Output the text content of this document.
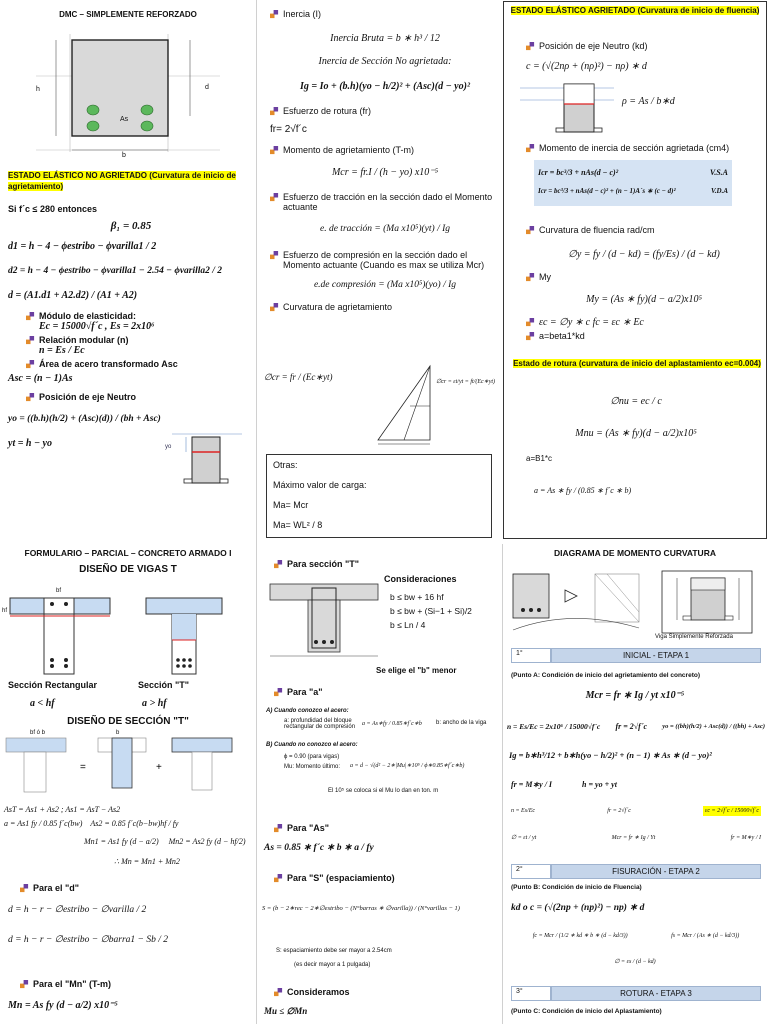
DMC – SIMPLEMENTE REFORZADO
h	d
As
b
ESTADO ELÁSTICO NO AGRIETADO (Curvatura de inicio de agrietamiento)
Si f´c ≤ 280 entonces
β₁ = 0.85
d1 = h − 4 − ϕestribo − ϕvarilla1 / 2
d2 = h − 4 − ϕestribo − ϕvarilla1 − 2.54 − ϕvarilla2 / 2
d = (A1.d1 + A2.d2) / (A1 + A2)
Módulo de elasticidad:
Ec = 15000√f´c , Es = 2x10⁶
Relación modular (n)
n = Es / Ec
Área de acero transformado Asc
Asc = (n − 1)As
Posición de eje Neutro
yo = ((b.h)(h/2) + (Asc)(d)) / (bh + Asc)
yt = h − yo	yo
Inercia (I)
Inercia Bruta = b ∗ h³ / 12
Inercia de Sección No agrietada:
Ig = Io + (b.h)(yo − h/2)² + (Asc)(d − yo)²
Esfuerzo de rotura (fr)
fr= 2√f´c
Momento de agrietamiento (T-m)
Mcr = fr.I / (h − yo) x10⁻⁵
Esfuerzo de tracción en la sección dado el Momento actuante
e. de tracción = (Ma x10⁵)(yt) / Ig
Esfuerzo de compresión en la sección dado el Momento actuante (Cuando es max se utiliza Mcr)
e.de compresión = (Ma x10⁵)(yo) / Ig
Curvatura de agrietamiento
∅cr = fr / (Ec∗yt)	∅cr = εt/yt = ft/(Ec∗yt)
Otras:
Máximo valor de carga:
Ma= Mcr
Ma= WL² / 8
ESTADO ELÁSTICO AGRIETADO (Curvatura de inicio de fluencia)
Posición de eje Neutro (kd)
c = (√(2nρ + (nρ)²) − nρ) ∗ d
ρ = As / b∗d
Momento de inercia de sección agrietada (cm4)
Icr = bc³/3 + nAs(d − c)²	V.S.A
Icr = bc³/3 + nAs(d − c)² + (n − 1)A´s ∗ (c − d)²	V.D.A
Curvatura de fluencia rad/cm
∅y = fy / (d − kd) = (fy/Es) / (d − kd)
My
My = (As ∗ fy)(d − a/2)x10⁵
εc = ∅y ∗ c fc = εc ∗ Ec
a=beta1*kd
Estado de rotura (curvatura de inicio del aplastamiento ec=0.004)
∅nu = ec / c
Mnu = (As ∗ fy)(d − a/2)x10⁵
a=B1*c
a = As ∗ fy / (0.85 ∗ f´c ∗ b)
FORMULARIO – PARCIAL – CONCRETO ARMADO I
DISEÑO DE VIGAS T
bf
hf
Sección Rectangular	Sección "T"
a < hf	a > hf
DISEÑO DE SECCIÓN "T"
=	+
bf ó b	b
AsT = As1 + As2 ; As1 = AsT − As2
a = As1 fy / 0.85 f´c(bw) As2 = 0.85 f´c(b−bw)hf / fy
Mn1 = As1 fy (d − a/2) Mn2 = As2 fy (d − hf/2)
∴ Mn = Mn1 + Mn2
Para el "d"
d = h − r − ∅estribo − ∅varilla / 2
d = h − r − ∅estribo − ∅barra1 − Sb / 2
Para el "Mn" (T-m)
Mn = As fy (d − a/2) x10⁻⁵
Para sección "T"
Consideraciones
b ≤ bw + 16 hf
b ≤ bw + (Si−1 + Si)/2
b ≤ Ln / 4
Se elige el "b" menor
Para "a"
A) Cuando conozco el acero:
a: profundidad del bloque rectangular de compresión	a = As∗fy / 0.85∗f´c∗b b: ancho de la viga
B) Cuando no conozco el acero:
ϕ = 0.90 (para vigas)
Mu: Momento último: a = d − √(d² − 2∗|Mu|∗10⁵ / ϕ∗0.85∗f´c∗b)
El 10⁵ se coloca si el Mu lo dan en ton. m
Para "As"
As = 0.85 ∗ f´c ∗ b ∗ a / fy
Para "S" (espaciamiento)
S = (b − 2∗rec − 2∗∅estribo − (N°barras ∗ ∅varilla)) / (N°varillas − 1)
S: espaciamiento debe ser mayor a 2.54cm
(es decir mayor a 1 pulgada)
Consideramos
Mu ≤ ∅Mn
DIAGRAMA DE MOMENTO CURVATURA
Viga Simplemente Reforzada
1°	INICIAL - ETAPA 1
(Punto A: Condición de inicio del agrietamiento del concreto)
Mcr = fr ∗ Ig / yt x10⁻⁵
n = Es/Ec = 2x10⁶ / 15000√f´c fr = 2√f´c yo = ((bh)(h/2) + Asc(d)) / ((bh) + Asc)
Ig = b∗h³/12 + b∗h(yo − h/2)² + (n − 1) ∗ As ∗ (d − yo)²
fr = M∗y / I	h = yo + yt
n = Es/Ec	fr = 2√f´c	εc = 2√f´c / 15000√f´c
∅ = εt / yt	Mcr = fr ∗ Ig / Yt	fr = M∗y / I
2°	FISURACIÓN - ETAPA 2
(Punto B: Condición de inicio de Fluencia)
kd o c = (√(2np + (np)²) − np) ∗ d
fc = Mcr / (1/2 ∗ kd ∗ b ∗ (d − kd/3))	fs = Mcr / (As ∗ (d − kd/3))
∅ = εs / (d − kd)
3°	ROTURA - ETAPA 3
(Punto C: Condición de inicio del Aplastamiento)
